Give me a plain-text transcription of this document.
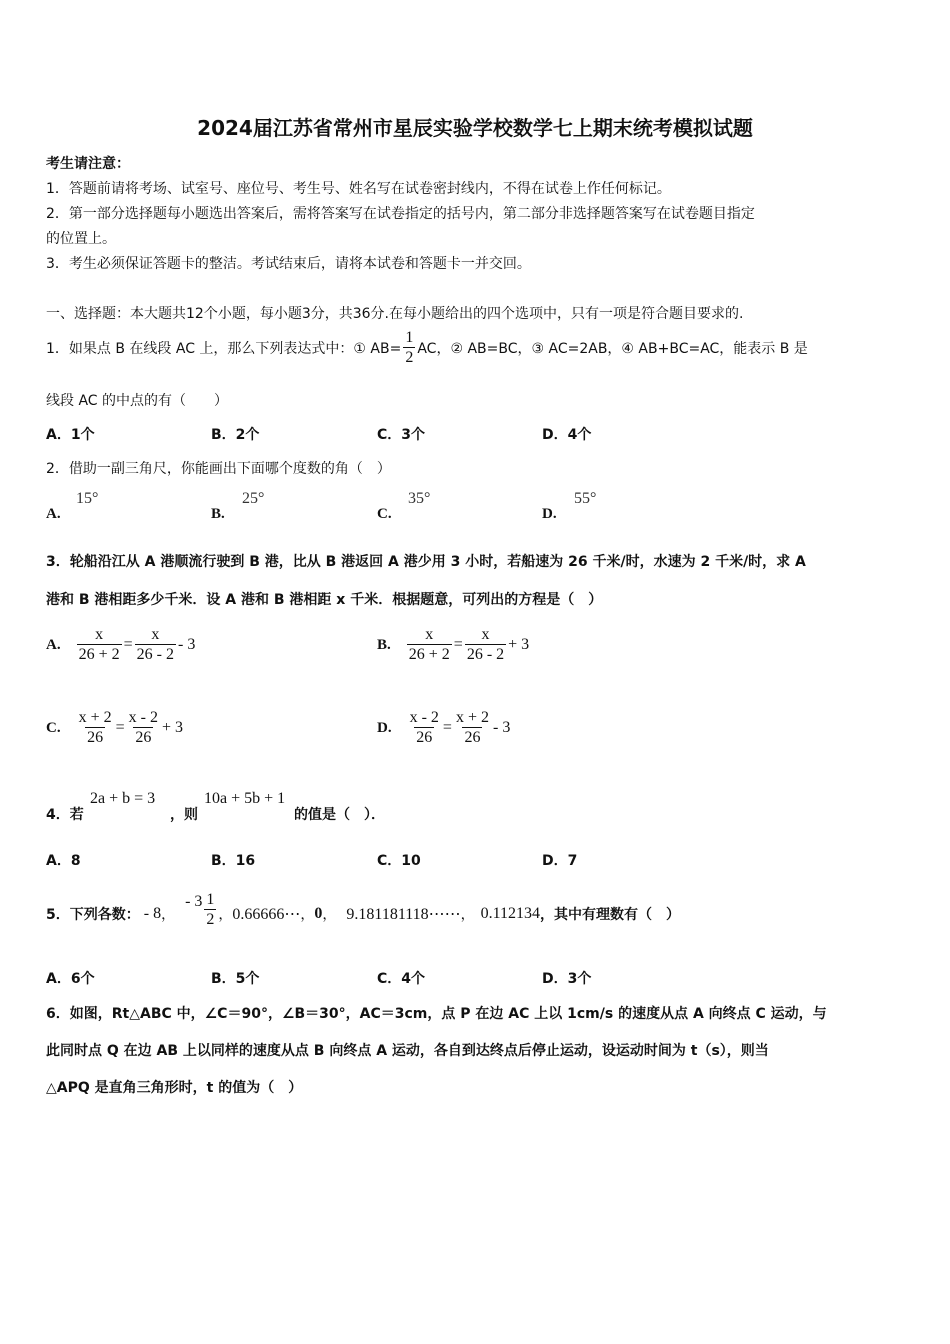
2024届江苏省常州市星辰实验学校数学七上期末统考模拟试题
考生请注意：
1．答题前请将考场、试室号、座位号、考生号、姓名写在试卷密封线内，不得在试卷上作任何标记。
2．第一部分选择题每小题选出答案后，需将答案写在试卷指定的括号内，第二部分非选择题答案写在试卷题目指定
的位置上。
3．考生必须保证答题卡的整洁。考试结束后，请将本试卷和答题卡一并交回。
一、选择题：本大题共12个小题，每小题3分，共36分.在每小题给出的四个选项中，只有一项是符合题目要求的.
1．如果点 B 在线段 AC 上，那么下列表达式中：① $AB= \frac{1}{2}$ AC，② AB=BC，③ AC=2AB，④ AB+BC=AC，能表示 B 是
线段 AC 的中点的有（　　）
A．1个	B．2个	C．3个	D．4个
2．借助一副三角尺，你能画出下面哪个度数的角（　）
A.
15°
B.
25°
C.
35°
D.
55°
3．轮船沿江从 A 港顺流行驶到 B 港，比从 B 港返回 A 港少用 3 小时，若船速为 26 千米/时，水速为 2 千米/时，求 A
港和 B 港相距多少千米．设 A 港和 B 港相距 x 千米．根据题意，可列出的方程是（　）
A. $\frac{x}{26 + 2} = \frac{x}{26 - 2} - 3$	B. $\frac{x}{26 + 2} = \frac{x}{26 - 2} + 3$
C. $\frac{x + 2}{26} = \frac{x - 2}{26} + 3$	D. $\frac{x - 2}{26} = \frac{x + 2}{26} - 3$
4．若
2a + b = 3
，则
10a + 5b + 1
的值是（　）．
A．8	B．16	C．10	D．7
5．下列各数： - 8 ，
- $3 \frac{1}{2}$ ， 0.66666⋯ ， 0 ， 9.181181118⋯⋯ ， 0.112134 ，其中有理数有（　）
A．6个	B．5个	C．4个	D．3个
6．如图，Rt△ABC 中，∠C＝90°，∠B＝30°，AC＝3cm，点 P 在边 AC 上以 1cm/s 的速度从点 A 向终点 C 运动，与
此同时点 Q 在边 AB 上以同样的速度从点 B 向终点 A 运动，各自到达终点后停止运动，设运动时间为 t（s），则当
△APQ 是直角三角形时，t 的值为（　）
